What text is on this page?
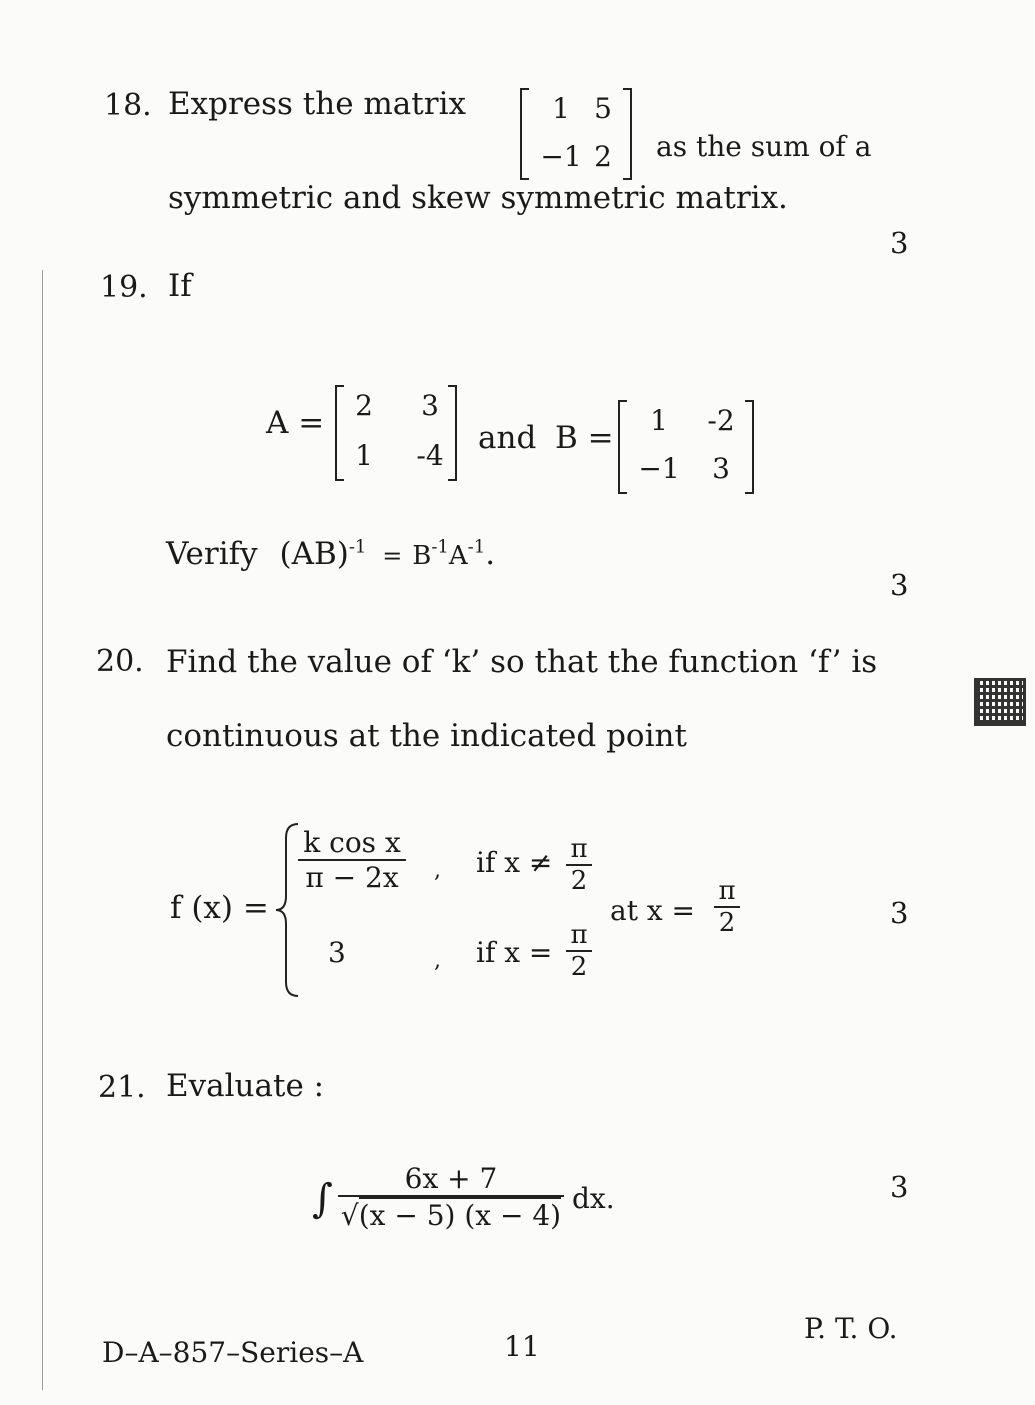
18. Express the matrix	1 5
−1 2	as the sum of a
symmetric and skew symmetric matrix.
3
19. If
A =	2	3
1	-4	and B =	1	-2
−1	3
Verify $(AB)^{-1} = B^{-1}A^{-1}$.
3
20. Find the value of ‘k’ so that the function ‘f’ is
continuous at the indicated point
f (x) =
k cos x
π − 2x , if x ≠ π
2
3	, if x =
π
2
at x =
π
2	3
21. Evaluate :
∫	6x + 7
√(x − 5) (x − 4)
dx.	3
D–A–857–Series–A	11
P. T. O.
